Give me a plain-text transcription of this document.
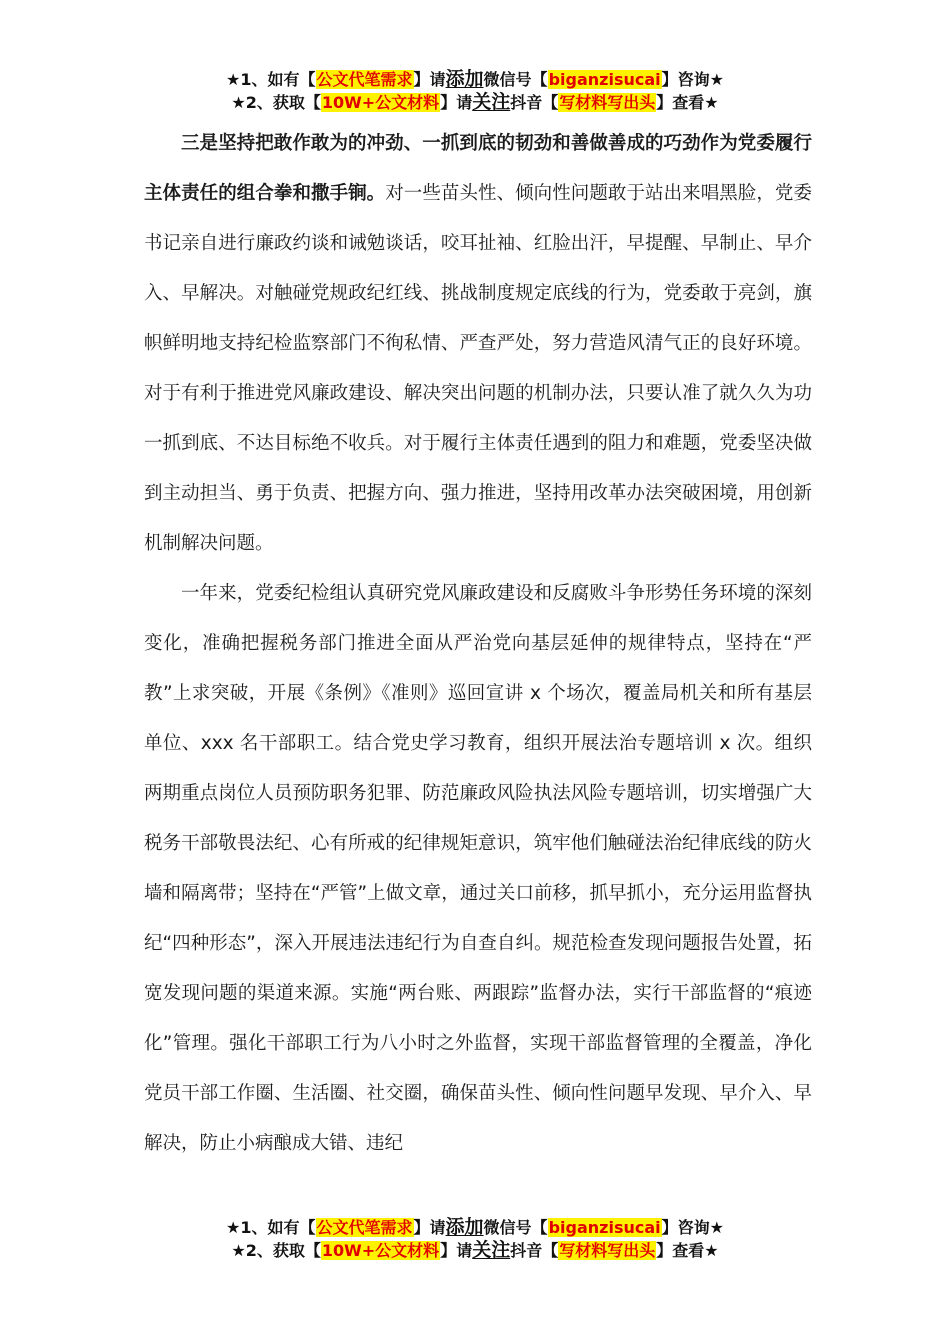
★1、如有【公文代笔需求】请添加微信号【biganzisucai】咨询★
★2、获取【10W+公文材料】请关注抖音【写材料写出头】查看★

三是坚持把敢作敢为的冲劲、一抓到底的韧劲和善做善成的巧劲作为党委履行主体责任的组合拳和撒手锏。对一些苗头性、倾向性问题敢于站出来唱黑脸，党委书记亲自进行廉政约谈和诫勉谈话，咬耳扯袖、红脸出汗，早提醒、早制止、早介入、早解决。对触碰党规政纪红线、挑战制度规定底线的行为，党委敢于亮剑，旗帜鲜明地支持纪检监察部门不徇私情、严查严处，努力营造风清气正的良好环境。对于有利于推进党风廉政建设、解决突出问题的机制办法，只要认准了就久久为功一抓到底、不达目标绝不收兵。对于履行主体责任遇到的阻力和难题，党委坚决做到主动担当、勇于负责、把握方向、强力推进，坚持用改革办法突破困境，用创新机制解决问题。

一年来，党委纪检组认真研究党风廉政建设和反腐败斗争形势任务环境的深刻变化，准确把握税务部门推进全面从严治党向基层延伸的规律特点，坚持在“严教”上求突破，开展《条例》《准则》巡回宣讲 x 个场次，覆盖局机关和所有基层单位、xxx 名干部职工。结合党史学习教育，组织开展法治专题培训 x 次。组织两期重点岗位人员预防职务犯罪、防范廉政风险执法风险专题培训，切实增强广大税务干部敬畏法纪、心有所戒的纪律规矩意识，筑牢他们触碰法治纪律底线的防火墙和隔离带；坚持在“严管”上做文章，通过关口前移，抓早抓小，充分运用监督执纪“四种形态”，深入开展违法违纪行为自查自纠。规范检查发现问题报告处置，拓宽发现问题的渠道来源。实施“两台账、两跟踪”监督办法，实行干部监督的“痕迹化”管理。强化干部职工行为八小时之外监督，实现干部监督管理的全覆盖，净化党员干部工作圈、生活圈、社交圈，确保苗头性、倾向性问题早发现、早介入、早解决，防止小病酿成大错、违纪

★1、如有【公文代笔需求】请添加微信号【biganzisucai】咨询★
★2、获取【10W+公文材料】请关注抖音【写材料写出头】查看★
